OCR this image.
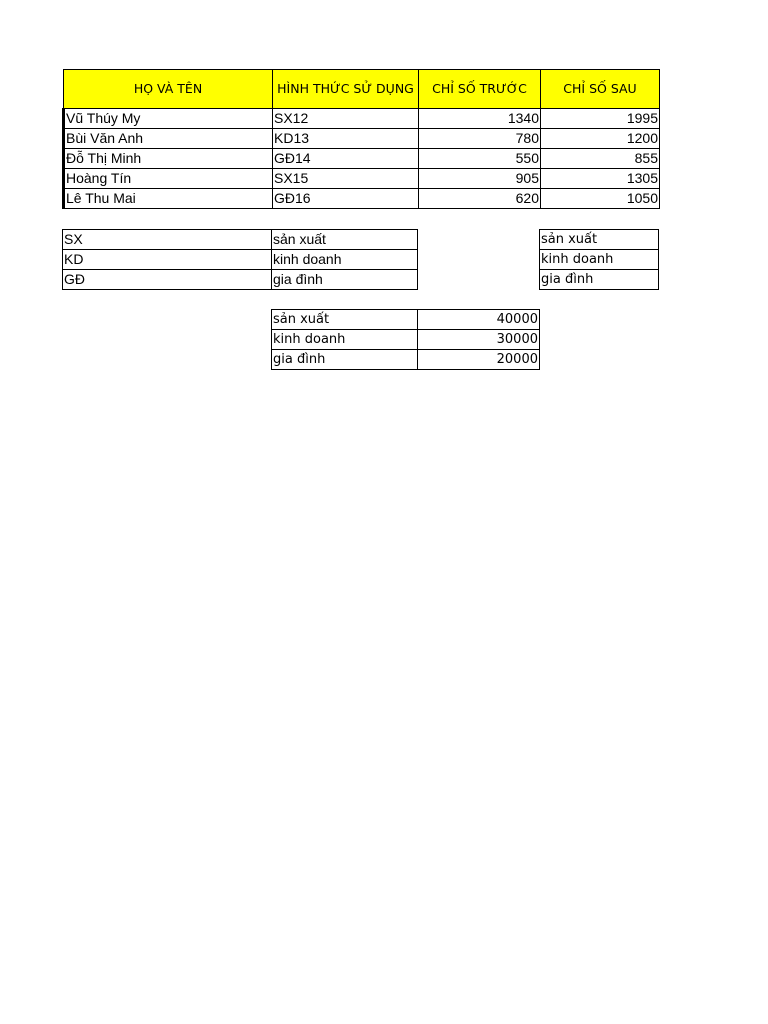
HỌ VÀ TÊN	HÌNH THỨC SỬ DỤNG	CHỈ SỐ TRƯỚC	CHỈ SỐ SAU
Vũ Thúy My	SX12	1340	1995
Bùi Văn Anh	KD13	780	1200
Đỗ Thị Minh	GĐ14	550	855
Hoàng Tín	SX15	905	1305
Lê Thu Mai	GĐ16	620	1050
SX	sản xuất
KD	kinh doanh
GĐ	gia đình
sản xuất
kinh doanh
gia đình
sản xuất	40000
kinh doanh	30000
gia đình	20000
